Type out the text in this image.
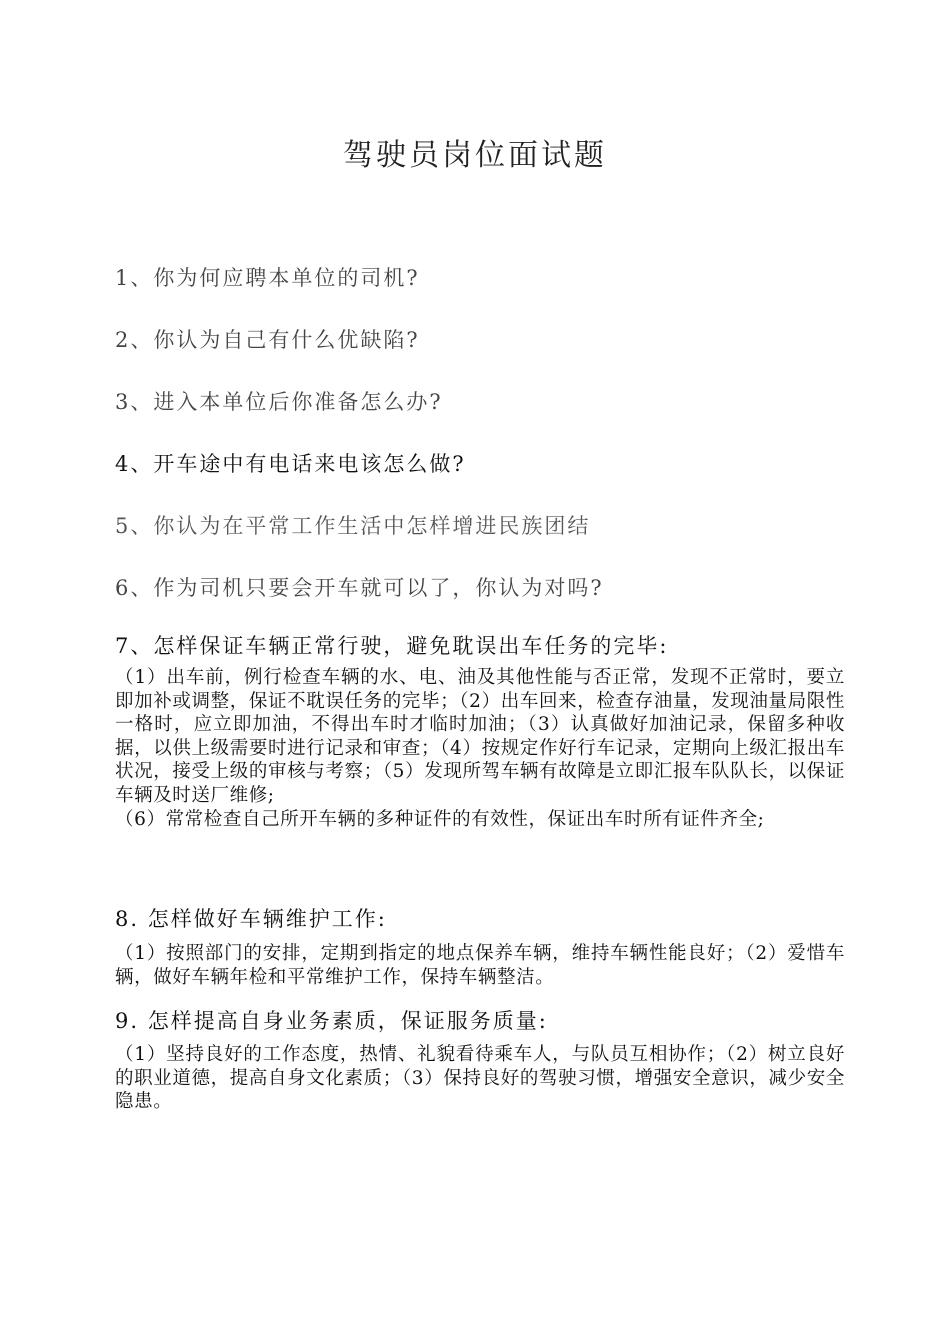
驾驶员岗位面试题
1、你为何应聘本单位的司机?
2、你认为自己有什么优缺陷?
3、进入本单位后你准备怎么办?
4、开车途中有电话来电该怎么做?
5、你认为在平常工作生活中怎样增进民族团结
6、作为司机只要会开车就可以了，你认为对吗?
7、怎样保证车辆正常行驶，避免耽误出车任务的完毕:

（1）出车前，例行检查车辆的水、电、油及其他性能与否正常，发现不正常时，要立即加补或调整，保证不耽误任务的完毕；（2）出车回来，检查存油量，发现油量局限性一格时，应立即加油，不得出车时才临时加油；（3）认真做好加油记录，保留多种收据，以供上级需要时进行记录和审查；（4）按规定作好行车记录，定期向上级汇报出车状况，接受上级的审核与考察；（5）发现所驾车辆有故障是立即汇报车队队长，以保证车辆及时送厂维修;

（6）常常检查自己所开车辆的多种证件的有效性，保证出车时所有证件齐全;

8. 怎样做好车辆维护工作:

（1）按照部门的安排，定期到指定的地点保养车辆，维持车辆性能良好；（2）爱惜车辆，做好车辆年检和平常维护工作，保持车辆整洁。

9. 怎样提高自身业务素质，保证服务质量:

（1）坚持良好的工作态度，热情、礼貌看待乘车人，与队员互相协作；（2）树立良好的职业道德，提高自身文化素质；（3）保持良好的驾驶习惯，增强安全意识，减少安全隐患。
